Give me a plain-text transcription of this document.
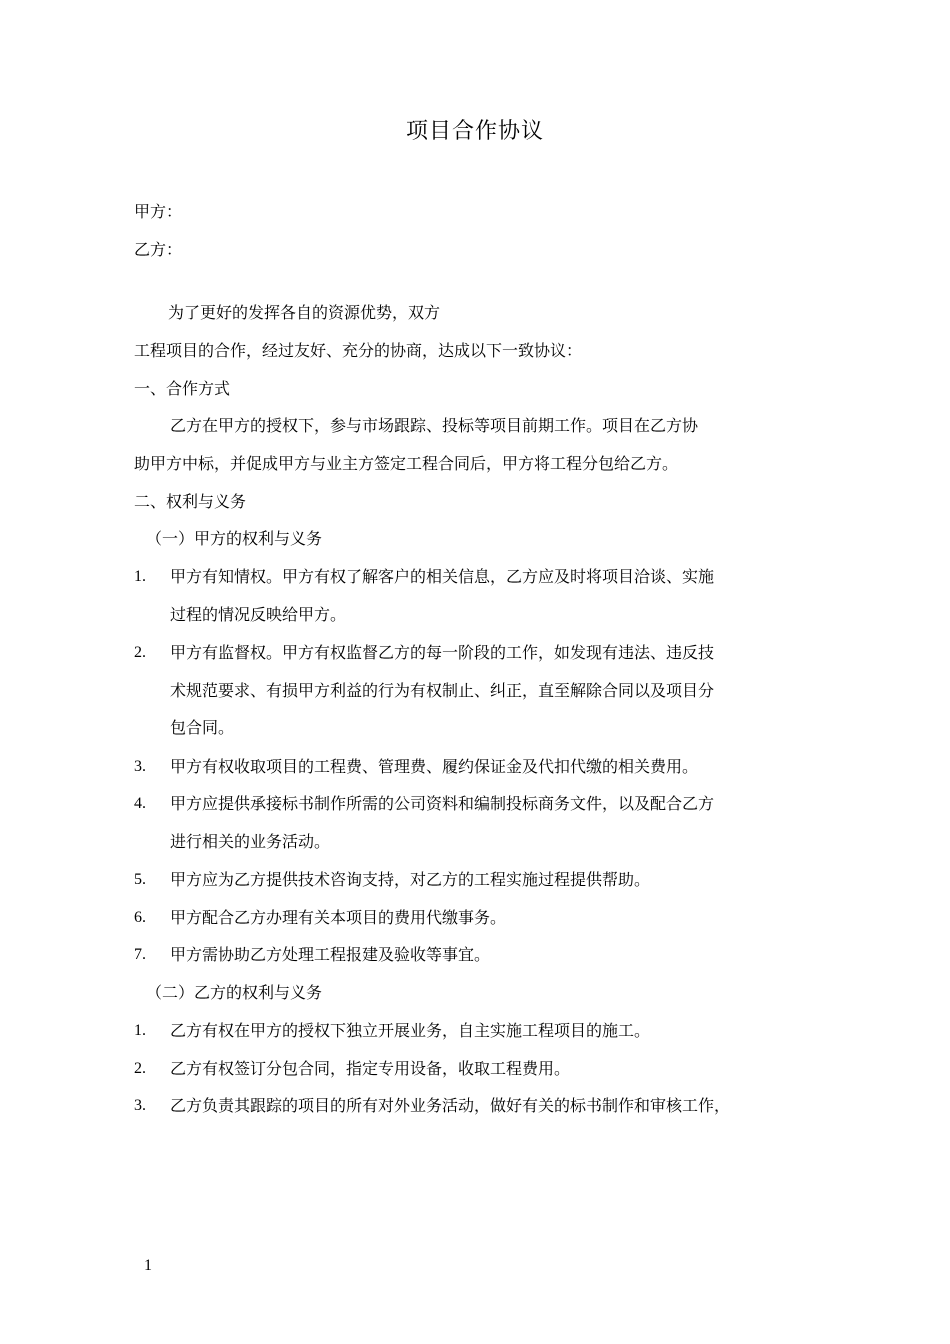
项目合作协议
甲方：
乙方：
为了更好的发挥各自的资源优势，双方
工程项目的合作，经过友好、充分的协商，达成以下一致协议：
一、合作方式
乙方在甲方的授权下，参与市场跟踪、投标等项目前期工作。项目在乙方协
助甲方中标，并促成甲方与业主方签定工程合同后，甲方将工程分包给乙方。
二、权利与义务
（一）甲方的权利与义务
1.	甲方有知情权。甲方有权了解客户的相关信息，乙方应及时将项目洽谈、实施
过程的情况反映给甲方。
2.	甲方有监督权。甲方有权监督乙方的每一阶段的工作，如发现有违法、违反技
术规范要求、有损甲方利益的行为有权制止、纠正，直至解除合同以及项目分
包合同。
3.	甲方有权收取项目的工程费、管理费、履约保证金及代扣代缴的相关费用。
4.	甲方应提供承接标书制作所需的公司资料和编制投标商务文件，以及配合乙方
进行相关的业务活动。
5.	甲方应为乙方提供技术咨询支持，对乙方的工程实施过程提供帮助。
6.	甲方配合乙方办理有关本项目的费用代缴事务。
7.	甲方需协助乙方处理工程报建及验收等事宜。
（二）乙方的权利与义务
1.	乙方有权在甲方的授权下独立开展业务，自主实施工程项目的施工。
2.	乙方有权签订分包合同，指定专用设备，收取工程费用。
3.	乙方负责其跟踪的项目的所有对外业务活动，做好有关的标书制作和审核工作，
1
